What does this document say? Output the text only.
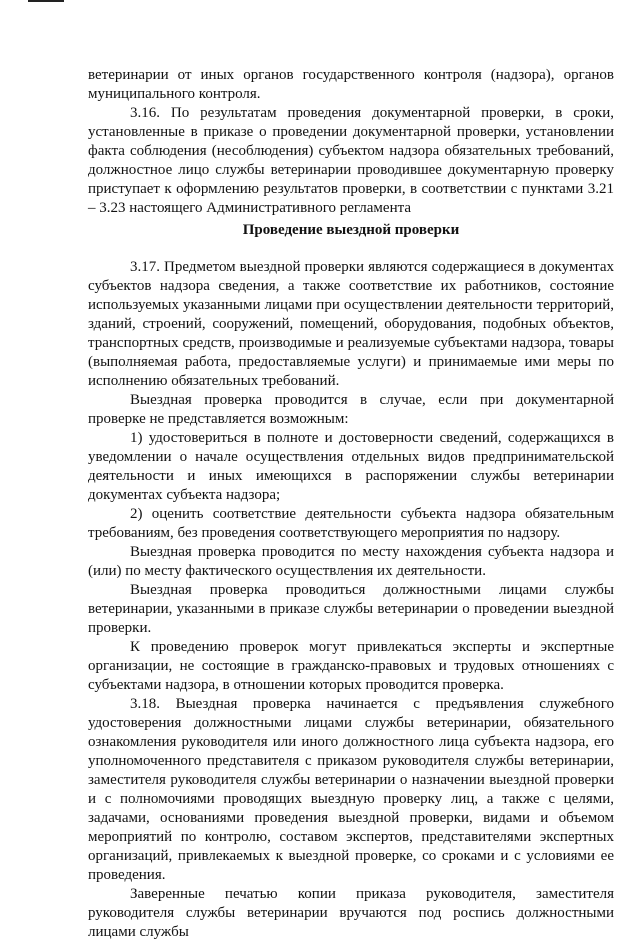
ветеринарии от иных органов государственного контроля (надзора), органов муниципального контроля.

3.16. По результатам проведения документарной проверки, в сроки, установленные в приказе о проведении документарной проверки, установлении факта соблюдения (несоблюдения) субъектом надзора обязательных требований, должностное лицо службы ветеринарии проводившее документарную проверку приступает к оформлению результатов проверки, в соответствии с пунктами 3.21 – 3.23 настоящего Административного регламента

Проведение выездной проверки

3.17. Предметом выездной проверки являются содержащиеся в документах субъектов надзора сведения, а также соответствие их работников, состояние используемых указанными лицами при осуществлении деятельности территорий, зданий, строений, сооружений, помещений, оборудования, подобных объектов, транспортных средств, производимые и реализуемые субъектами надзора, товары (выполняемая работа, предоставляемые услуги) и принимаемые ими меры по исполнению обязательных требований.

Выездная проверка проводится в случае, если при документарной проверке не представляется возможным:

1) удостовериться в полноте и достоверности сведений, содержащихся в уведомлении о начале осуществления отдельных видов предпринимательской деятельности и иных имеющихся в распоряжении службы ветеринарии документах субъекта надзора;

2) оценить соответствие деятельности субъекта надзора обязательным требованиям, без проведения соответствующего мероприятия по надзору.

Выездная проверка проводится по месту нахождения субъекта надзора и (или) по месту фактического осуществления их деятельности.

Выездная проверка проводиться должностными лицами службы ветеринарии, указанными в приказе службы ветеринарии о проведении выездной проверки.

К проведению проверок могут привлекаться эксперты и экспертные организации, не состоящие в гражданско-правовых и трудовых отношениях с субъектами надзора, в отношении которых проводится проверка.

3.18. Выездная проверка начинается с предъявления служебного удостоверения должностными лицами службы ветеринарии, обязательного ознакомления руководителя или иного должностного лица субъекта надзора, его уполномоченного представителя с приказом руководителя службы ветеринарии, заместителя руководителя службы ветеринарии о назначении выездной проверки и с полномочиями проводящих выездную проверку лиц, а также с целями, задачами, основаниями проведения выездной проверки, видами и объемом мероприятий по контролю, составом экспертов, представителями экспертных организаций, привлекаемых к выездной проверке, со сроками и с условиями ее проведения.

Заверенные печатью копии приказа руководителя, заместителя руководителя службы ветеринарии вручаются под роспись должностными лицами службы
